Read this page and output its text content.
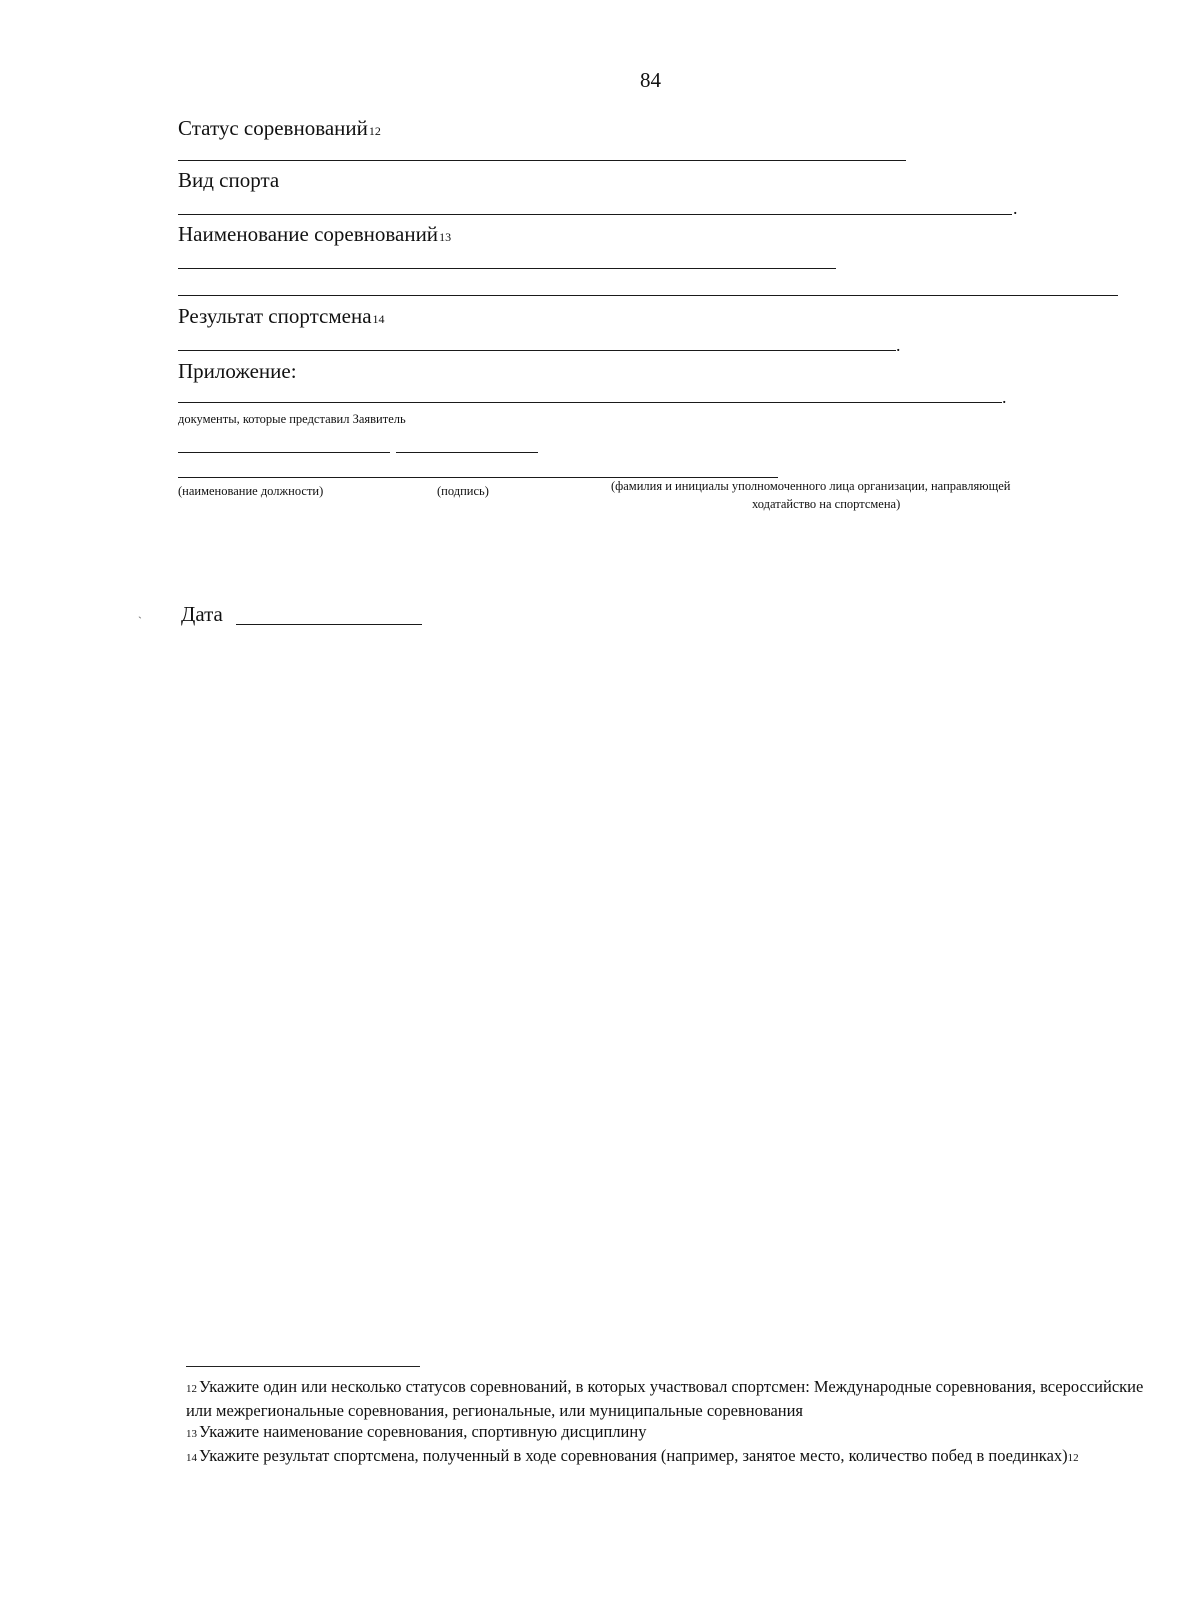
84
Статус соревнований12
Вид спорта
.
Наименование соревнований13
Результат спортсмена14
.
Приложение:
.
документы, которые представил Заявитель
(наименование должности)	(подпись)	(фамилия и инициалы уполномоченного лица организации, направляющей
ходатайство на спортсмена)
` Дата

12 Укажите один или несколько статусов соревнований, в которых участвовал спортсмен: Международные соревнования, всероссийские или межрегиональные соревнования, региональные, или муниципальные соревнования

13 Укажите наименование соревнования, спортивную дисциплину

14 Укажите результат спортсмена, полученный в ходе соревнования (например, занятое место, количество побед в поединках)12
